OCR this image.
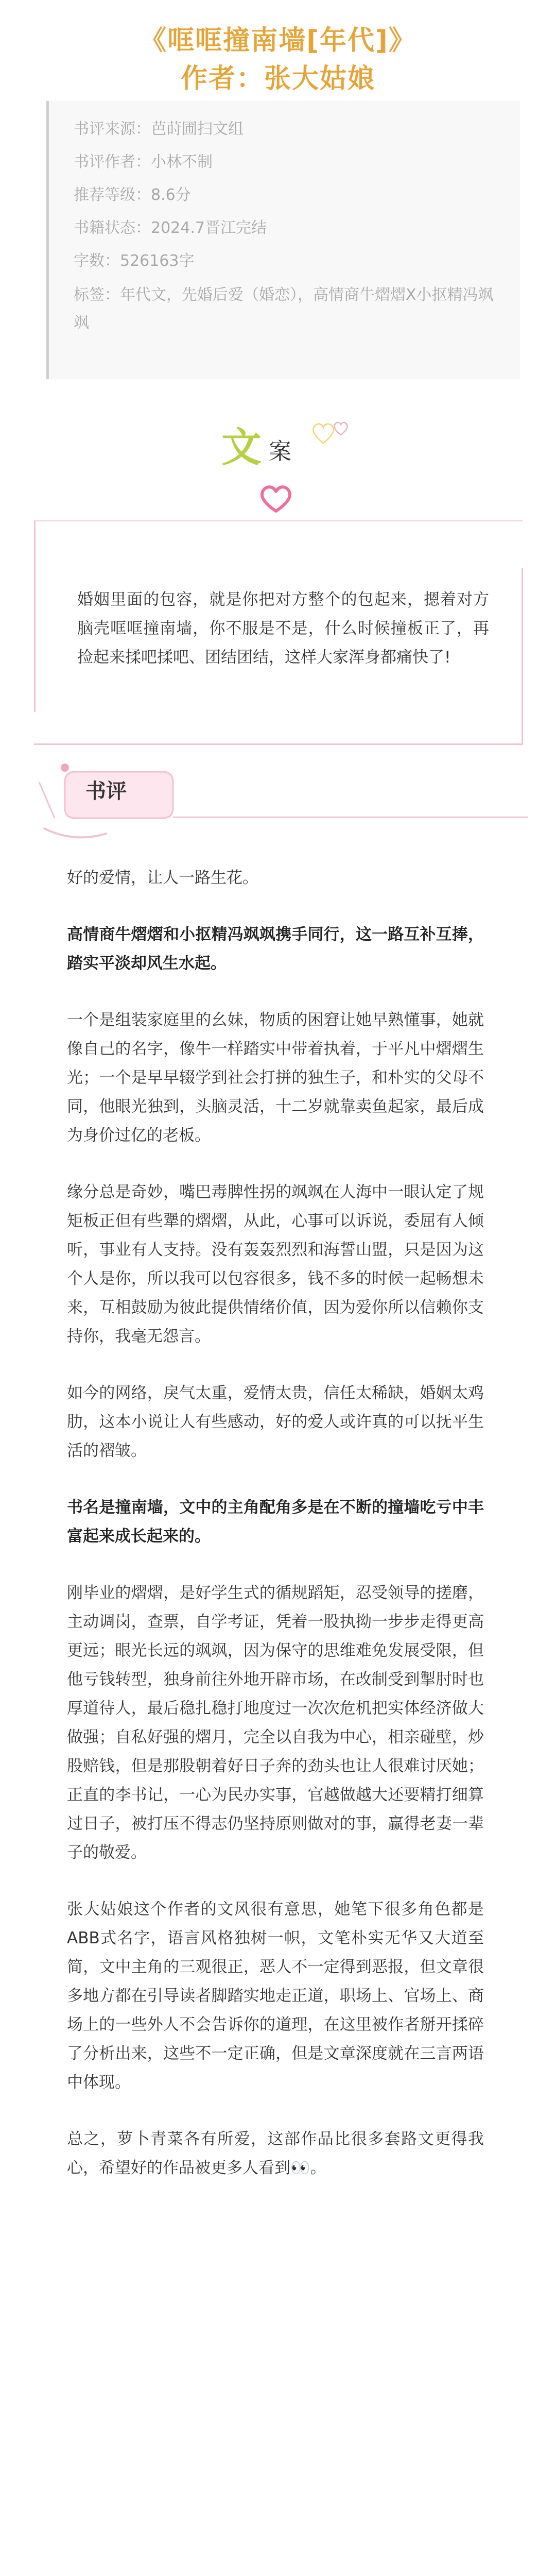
《哐哐撞南墙[年代]》
作者：张大姑娘
书评来源：芭莳圃扫文组
书评作者：小林不制
推荐等级：8.6分
书籍状态：2024.7晋江完结
字数：526163字
标签：年代文，先婚后爱（婚恋），高情商牛熠熠X小抠精冯飒飒
文 案
婚姻里面的包容，就是你把对方整个的包起来，摁着对方脑壳哐哐撞南墙，你不服是不是，什么时候撞板正了，再捡起来揉吧揉吧、团结团结，这样大家浑身都痛快了!
书评

好的爱情，让人一路生花。

高情商牛熠熠和小抠精冯飒飒携手同行，这一路互补互捧，踏实平淡却风生水起。

一个是组装家庭里的幺妹，物质的困窘让她早熟懂事，她就像自己的名字，像牛一样踏实中带着执着，于平凡中熠熠生光；一个是早早辍学到社会打拼的独生子，和朴实的父母不同，他眼光独到，头脑灵活，十二岁就靠卖鱼起家，最后成为身价过亿的老板。

缘分总是奇妙，嘴巴毒脾性拐的飒飒在人海中一眼认定了规矩板正但有些犟的熠熠，从此，心事可以诉说，委屈有人倾听，事业有人支持。没有轰轰烈烈和海誓山盟，只是因为这个人是你，所以我可以包容很多，钱不多的时候一起畅想未来，互相鼓励为彼此提供情绪价值，因为爱你所以信赖你支持你，我毫无怨言。

如今的网络，戾气太重，爱情太贵，信任太稀缺，婚姻太鸡肋，这本小说让人有些感动，好的爱人或许真的可以抚平生活的褶皱。

书名是撞南墙，文中的主角配角多是在不断的撞墙吃亏中丰富起来成长起来的。

刚毕业的熠熠，是好学生式的循规蹈矩，忍受领导的搓磨，主动调岗，查票，自学考证，凭着一股执拗一步步走得更高更远；眼光长远的飒飒，因为保守的思维难免发展受限，但他亏钱转型，独身前往外地开辟市场，在改制受到掣肘时也厚道待人，最后稳扎稳打地度过一次次危机把实体经济做大做强；自私好强的熠月，完全以自我为中心，相亲碰壁，炒股赔钱，但是那股朝着好日子奔的劲头也让人很难讨厌她；正直的李书记，一心为民办实事，官越做越大还要精打细算过日子，被打压不得志仍坚持原则做对的事，赢得老妻一辈子的敬爱。

张大姑娘这个作者的文风很有意思，她笔下很多角色都是ABB式名字，语言风格独树一帜，文笔朴实无华又大道至简，文中主角的三观很正，恶人不一定得到恶报，但文章很多地方都在引导读者脚踏实地走正道，职场上、官场上、商场上的一些外人不会告诉你的道理，在这里被作者掰开揉碎了分析出来，这些不一定正确，但是文章深度就在三言两语中体现。

总之，萝卜青菜各有所爱，这部作品比很多套路文更得我心，希望好的作品被更多人看到👀。
